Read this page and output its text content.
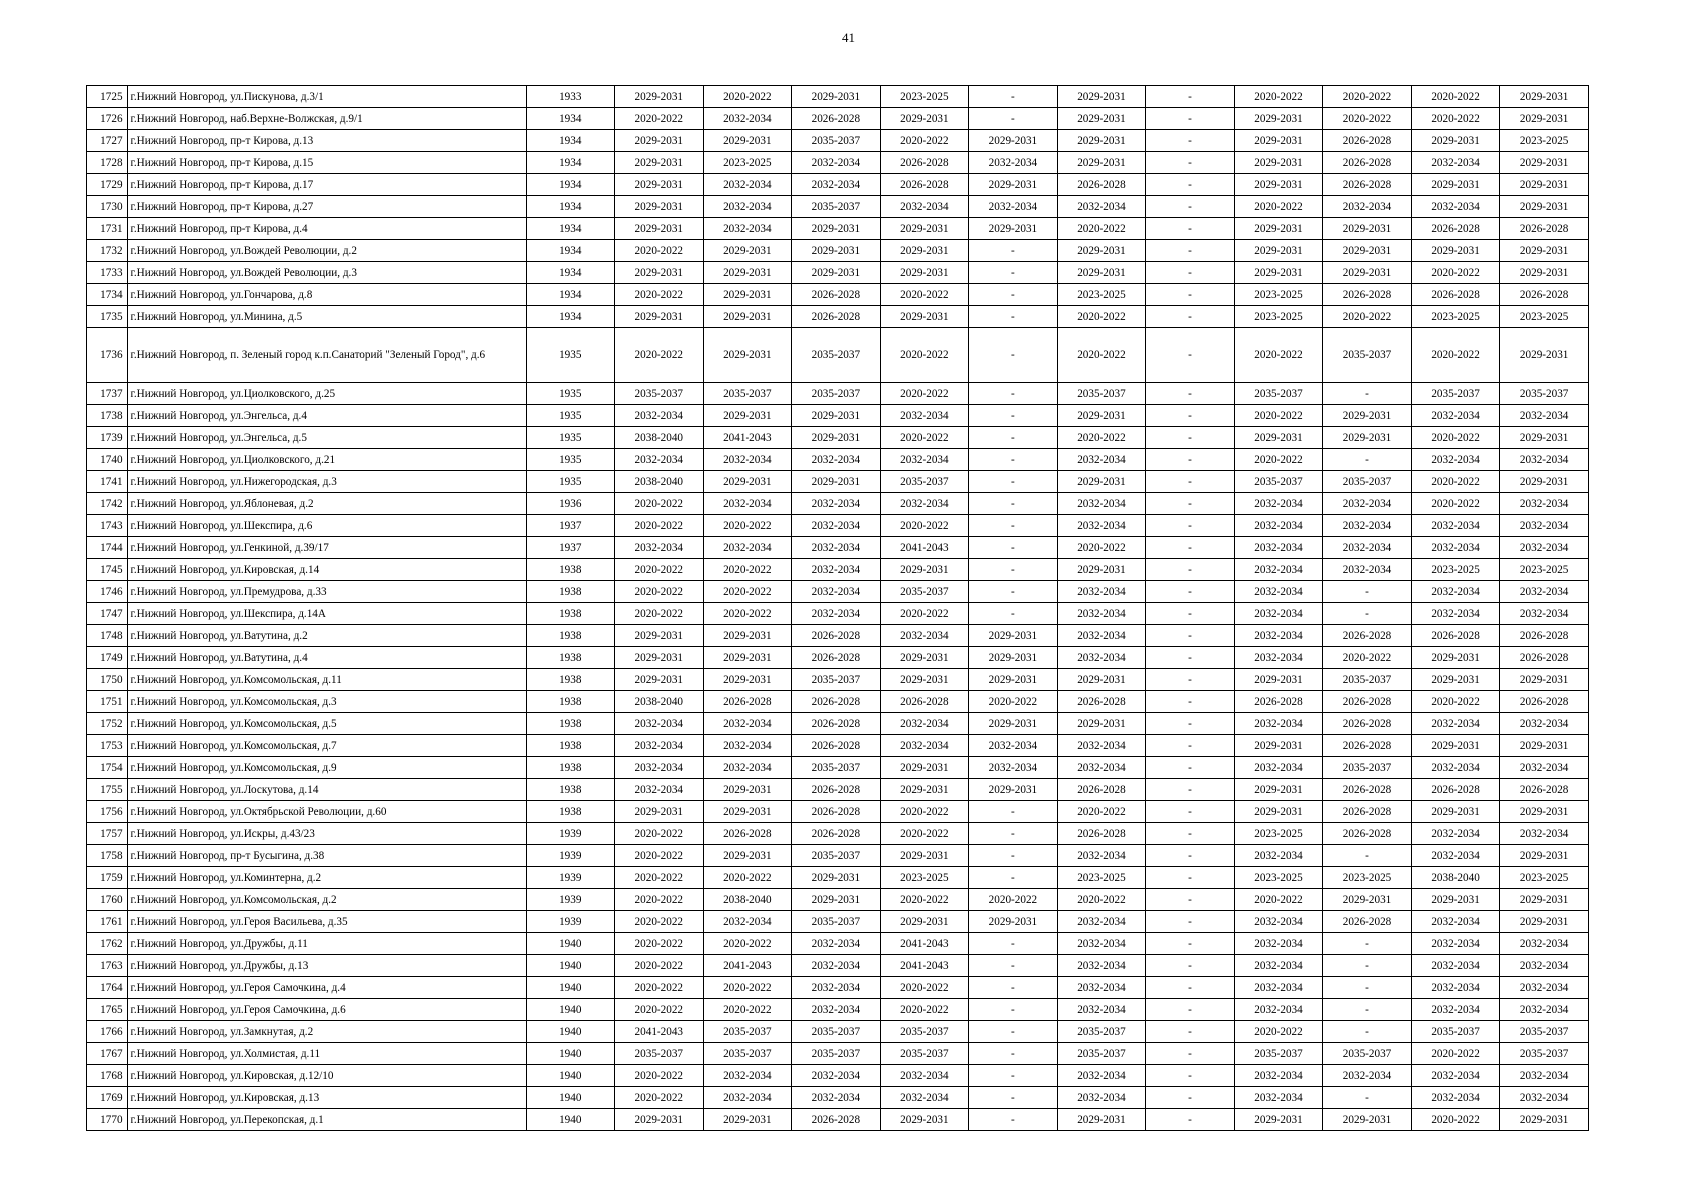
41
1725	г.Нижний Новгород, ул.Пискунова, д.3/1	1933	2029-2031	2020-2022	2029-2031	2023-2025	-	2029-2031	-	2020-2022	2020-2022	2020-2022	2029-2031
1726	г.Нижний Новгород, наб.Верхне-Волжская, д.9/1	1934	2020-2022	2032-2034	2026-2028	2029-2031	-	2029-2031	-	2029-2031	2020-2022	2020-2022	2029-2031
1727	г.Нижний Новгород, пр-т Кирова, д.13	1934	2029-2031	2029-2031	2035-2037	2020-2022	2029-2031	2029-2031	-	2029-2031	2026-2028	2029-2031	2023-2025
1728	г.Нижний Новгород, пр-т Кирова, д.15	1934	2029-2031	2023-2025	2032-2034	2026-2028	2032-2034	2029-2031	-	2029-2031	2026-2028	2032-2034	2029-2031
1729	г.Нижний Новгород, пр-т Кирова, д.17	1934	2029-2031	2032-2034	2032-2034	2026-2028	2029-2031	2026-2028	-	2029-2031	2026-2028	2029-2031	2029-2031
1730	г.Нижний Новгород, пр-т Кирова, д.27	1934	2029-2031	2032-2034	2035-2037	2032-2034	2032-2034	2032-2034	-	2020-2022	2032-2034	2032-2034	2029-2031
1731	г.Нижний Новгород, пр-т Кирова, д.4	1934	2029-2031	2032-2034	2029-2031	2029-2031	2029-2031	2020-2022	-	2029-2031	2029-2031	2026-2028	2026-2028
1732	г.Нижний Новгород, ул.Вождей Революции, д.2	1934	2020-2022	2029-2031	2029-2031	2029-2031	-	2029-2031	-	2029-2031	2029-2031	2029-2031	2029-2031
1733	г.Нижний Новгород, ул.Вождей Революции, д.3	1934	2029-2031	2029-2031	2029-2031	2029-2031	-	2029-2031	-	2029-2031	2029-2031	2020-2022	2029-2031
1734	г.Нижний Новгород, ул.Гончарова, д.8	1934	2020-2022	2029-2031	2026-2028	2020-2022	-	2023-2025	-	2023-2025	2026-2028	2026-2028	2026-2028
1735	г.Нижний Новгород, ул.Минина, д.5	1934	2029-2031	2029-2031	2026-2028	2029-2031	-	2020-2022	-	2023-2025	2020-2022	2023-2025	2023-2025
1736	г.Нижний Новгород, п. Зеленый город к.п.Санаторий "Зеленый Город", д.6	1935	2020-2022	2029-2031	2035-2037	2020-2022	-	2020-2022	-	2020-2022	2035-2037	2020-2022	2029-2031
1737	г.Нижний Новгород, ул.Циолковского, д.25	1935	2035-2037	2035-2037	2035-2037	2020-2022	-	2035-2037	-	2035-2037	-	2035-2037	2035-2037
1738	г.Нижний Новгород, ул.Энгельса, д.4	1935	2032-2034	2029-2031	2029-2031	2032-2034	-	2029-2031	-	2020-2022	2029-2031	2032-2034	2032-2034
1739	г.Нижний Новгород, ул.Энгельса, д.5	1935	2038-2040	2041-2043	2029-2031	2020-2022	-	2020-2022	-	2029-2031	2029-2031	2020-2022	2029-2031
1740	г.Нижний Новгород, ул.Циолковского, д.21	1935	2032-2034	2032-2034	2032-2034	2032-2034	-	2032-2034	-	2020-2022	-	2032-2034	2032-2034
1741	г.Нижний Новгород, ул.Нижегородская, д.3	1935	2038-2040	2029-2031	2029-2031	2035-2037	-	2029-2031	-	2035-2037	2035-2037	2020-2022	2029-2031
1742	г.Нижний Новгород, ул.Яблоневая, д.2	1936	2020-2022	2032-2034	2032-2034	2032-2034	-	2032-2034	-	2032-2034	2032-2034	2020-2022	2032-2034
1743	г.Нижний Новгород, ул.Шекспира, д.6	1937	2020-2022	2020-2022	2032-2034	2020-2022	-	2032-2034	-	2032-2034	2032-2034	2032-2034	2032-2034
1744	г.Нижний Новгород, ул.Генкиной, д.39/17	1937	2032-2034	2032-2034	2032-2034	2041-2043	-	2020-2022	-	2032-2034	2032-2034	2032-2034	2032-2034
1745	г.Нижний Новгород, ул.Кировская, д.14	1938	2020-2022	2020-2022	2032-2034	2029-2031	-	2029-2031	-	2032-2034	2032-2034	2023-2025	2023-2025
1746	г.Нижний Новгород, ул.Премудрова, д.33	1938	2020-2022	2020-2022	2032-2034	2035-2037	-	2032-2034	-	2032-2034	-	2032-2034	2032-2034
1747	г.Нижний Новгород, ул.Шекспира, д.14А	1938	2020-2022	2020-2022	2032-2034	2020-2022	-	2032-2034	-	2032-2034	-	2032-2034	2032-2034
1748	г.Нижний Новгород, ул.Ватутина, д.2	1938	2029-2031	2029-2031	2026-2028	2032-2034	2029-2031	2032-2034	-	2032-2034	2026-2028	2026-2028	2026-2028
1749	г.Нижний Новгород, ул.Ватутина, д.4	1938	2029-2031	2029-2031	2026-2028	2029-2031	2029-2031	2032-2034	-	2032-2034	2020-2022	2029-2031	2026-2028
1750	г.Нижний Новгород, ул.Комсомольская, д.11	1938	2029-2031	2029-2031	2035-2037	2029-2031	2029-2031	2029-2031	-	2029-2031	2035-2037	2029-2031	2029-2031
1751	г.Нижний Новгород, ул.Комсомольская, д.3	1938	2038-2040	2026-2028	2026-2028	2026-2028	2020-2022	2026-2028	-	2026-2028	2026-2028	2020-2022	2026-2028
1752	г.Нижний Новгород, ул.Комсомольская, д.5	1938	2032-2034	2032-2034	2026-2028	2032-2034	2029-2031	2029-2031	-	2032-2034	2026-2028	2032-2034	2032-2034
1753	г.Нижний Новгород, ул.Комсомольская, д.7	1938	2032-2034	2032-2034	2026-2028	2032-2034	2032-2034	2032-2034	-	2029-2031	2026-2028	2029-2031	2029-2031
1754	г.Нижний Новгород, ул.Комсомольская, д.9	1938	2032-2034	2032-2034	2035-2037	2029-2031	2032-2034	2032-2034	-	2032-2034	2035-2037	2032-2034	2032-2034
1755	г.Нижний Новгород, ул.Лоскутова, д.14	1938	2032-2034	2029-2031	2026-2028	2029-2031	2029-2031	2026-2028	-	2029-2031	2026-2028	2026-2028	2026-2028
1756	г.Нижний Новгород, ул.Октябрьской Революции, д.60	1938	2029-2031	2029-2031	2026-2028	2020-2022	-	2020-2022	-	2029-2031	2026-2028	2029-2031	2029-2031
1757	г.Нижний Новгород, ул.Искры, д.43/23	1939	2020-2022	2026-2028	2026-2028	2020-2022	-	2026-2028	-	2023-2025	2026-2028	2032-2034	2032-2034
1758	г.Нижний Новгород, пр-т Бусыгина, д.38	1939	2020-2022	2029-2031	2035-2037	2029-2031	-	2032-2034	-	2032-2034	-	2032-2034	2029-2031
1759	г.Нижний Новгород, ул.Коминтерна, д.2	1939	2020-2022	2020-2022	2029-2031	2023-2025	-	2023-2025	-	2023-2025	2023-2025	2038-2040	2023-2025
1760	г.Нижний Новгород, ул.Комсомольская, д.2	1939	2020-2022	2038-2040	2029-2031	2020-2022	2020-2022	2020-2022	-	2020-2022	2029-2031	2029-2031	2029-2031
1761	г.Нижний Новгород, ул.Героя Васильева, д.35	1939	2020-2022	2032-2034	2035-2037	2029-2031	2029-2031	2032-2034	-	2032-2034	2026-2028	2032-2034	2029-2031
1762	г.Нижний Новгород, ул.Дружбы, д.11	1940	2020-2022	2020-2022	2032-2034	2041-2043	-	2032-2034	-	2032-2034	-	2032-2034	2032-2034
1763	г.Нижний Новгород, ул.Дружбы, д.13	1940	2020-2022	2041-2043	2032-2034	2041-2043	-	2032-2034	-	2032-2034	-	2032-2034	2032-2034
1764	г.Нижний Новгород, ул.Героя Самочкина, д.4	1940	2020-2022	2020-2022	2032-2034	2020-2022	-	2032-2034	-	2032-2034	-	2032-2034	2032-2034
1765	г.Нижний Новгород, ул.Героя Самочкина, д.6	1940	2020-2022	2020-2022	2032-2034	2020-2022	-	2032-2034	-	2032-2034	-	2032-2034	2032-2034
1766	г.Нижний Новгород, ул.Замкнутая, д.2	1940	2041-2043	2035-2037	2035-2037	2035-2037	-	2035-2037	-	2020-2022	-	2035-2037	2035-2037
1767	г.Нижний Новгород, ул.Холмистая, д.11	1940	2035-2037	2035-2037	2035-2037	2035-2037	-	2035-2037	-	2035-2037	2035-2037	2020-2022	2035-2037
1768	г.Нижний Новгород, ул.Кировская, д.12/10	1940	2020-2022	2032-2034	2032-2034	2032-2034	-	2032-2034	-	2032-2034	2032-2034	2032-2034	2032-2034
1769	г.Нижний Новгород, ул.Кировская, д.13	1940	2020-2022	2032-2034	2032-2034	2032-2034	-	2032-2034	-	2032-2034	-	2032-2034	2032-2034
1770	г.Нижний Новгород, ул.Перекопская, д.1	1940	2029-2031	2029-2031	2026-2028	2029-2031	-	2029-2031	-	2029-2031	2029-2031	2020-2022	2029-2031
